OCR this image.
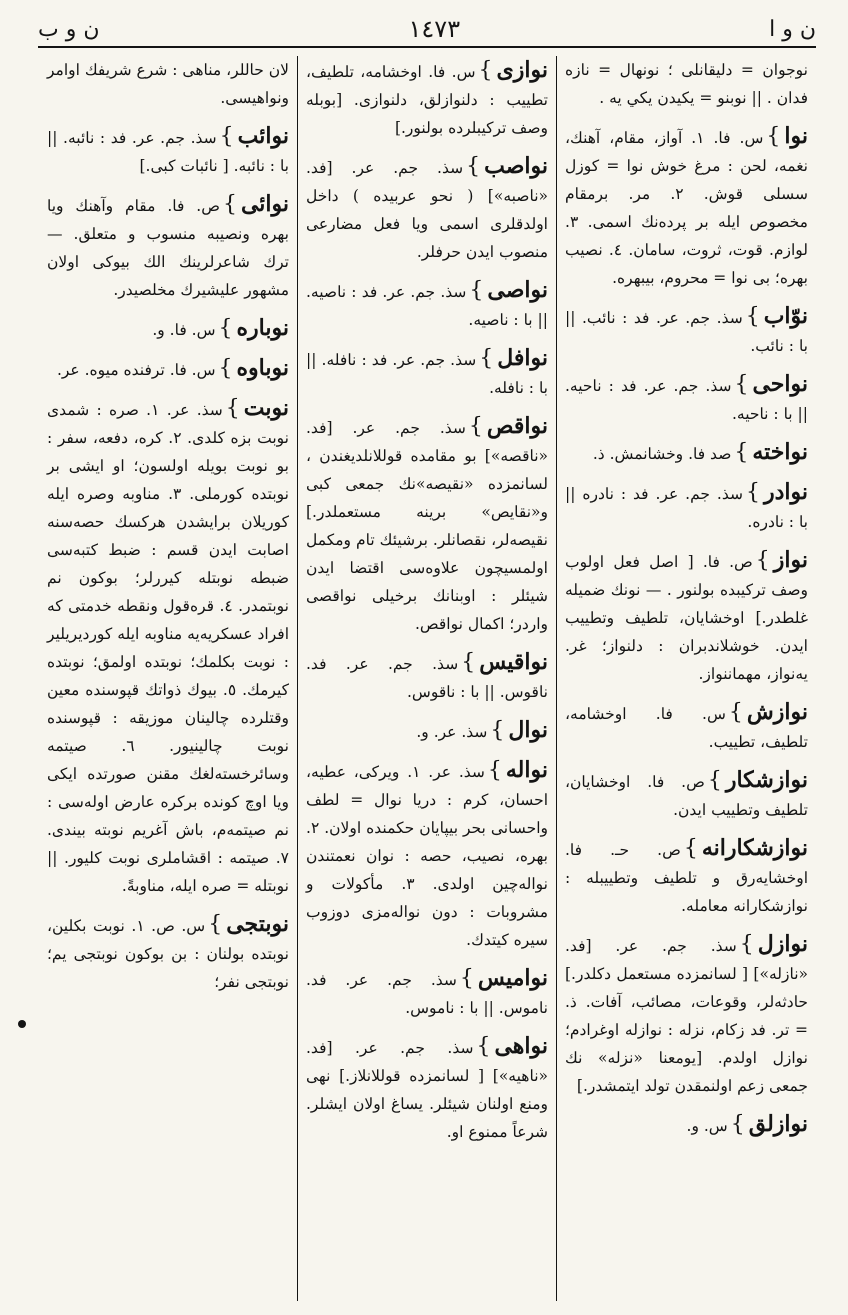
ن و ا
١٤٧٣
ن و ب
نوجوان = دليقانلى ؛ نونهال = نازه فدان . || نوبنو = يكيدن يكي يه .
نوا}س. فا. ١. آواز، مقام، آهنك، نغمه، لحن : مرغ خوش نوا = كوزل سسلى قوش. ٢. مر. برمقام مخصوص ايله بر پرده‌نك اسمى. ٣. لوازم. قوت، ثروت، سامان. ٤. نصيب بهره؛ بى نوا = محروم، بيبهره.
نوّاب}سذ. جم. عر. فد : نائب. || با : نائب.
نواحى}سذ. جم. عر. فد : ناحيه. || با : ناحيه.
نواخته}صد فا. وخشانمش. ذ.
نوادر}سذ. جم. عر. فد : نادره || با : نادره.
نواز}ص. فا. [ اصل فعل اولوب وصف تركيبده بولنور . — نونك ضميله غلطدر.] اوخشايان، تلطيف وتطييب ايدن. خوشلاندبران : دلنواز؛ غر. يه‌نواز، مهماننواز.
نوازش}س. فا. اوخشامه، تلطيف، تطييب.
نوازشكار}ص. فا. اوخشايان، تلطيف وتطييب ايدن.
نوازشكارانه}ص. حـ. فا. اوخشايه‌رق و تلطيف وتطييبله : نوازشكارانه معامله.
نوازل}سذ. جم. عر. [فد. «نازله»] [ لسانمزده مستعمل دكلدر.] حادثه‌لر، وقوعات، مصائب، آفات. ذ. = تر. فد زكام، نزله : نوازله اوغرادم؛ نوازل اولدم. [يومعنا «نزله» نك جمعى زعم اولنمقدن تولد ايتمشدر.]
نوازلق}س. و.
نوازى}س. فا. اوخشامه، تلطيف، تطييب : دلنوازلق، دلنوازى. [بوبله وصف تركيبلرده بولنور.]
نواصب}سذ. جم. عر. [فد. «ناصبه»] ( نحو عربيده ) داخل اولدقلرى اسمى ويا فعل مضارعى منصوب ايدن حرفلر.
نواصى}سذ. جم. عر. فد : ناصيه. || با : ناصيه.
نوافل}سذ. جم. عر. فد : نافله. || با : نافله.
نواقص}سذ. جم. عر. [فد. «ناقصه»] بو مقامده قوللانلديغندن ، لسانمزده «نقيصه»نك جمعى كبى و«نقايص» برينه مستعملدر.] نقيصه‌لر، نقصانلر. برشيئك تام ومكمل اولمسيچون علاوه‌سى اقتضا ايدن شيئلر : اوبنانك برخيلى نواقصى واردر؛ اكمال نواقص.
نواقيس}سذ. جم. عر. فد. ناقوس. || با : ناقوس.
نوال}سذ. عر. و.
نواله}سذ. عر. ١. ويركى، عطيه، احسان، كرم : دريا نوال = لطف واحسانى بحر بيپايان حكمنده اولان. ٢. بهره، نصيب، حصه : نوان نعمتندن نواله‌چين اولدى. ٣. مأكولات و مشروبات : دون نواله‌مزى دوزوب سيره كيتدك.
نواميس}سذ. جم. عر. فد. ناموس. || با : ناموس.
نواهى}سذ. جم. عر. [فد. «ناهيه»] [ لسانمزده قوللانلاز.] نهى ومنع اولنان شيئلر. يساغ اولان ايشلر. شرعاً ممنوع او.
لان حاللر، مناهى : شرع شريفك اوامر ونواهيسى.
نوائب}سذ. جم. عر. فد : نائبه. || با : نائبه. [ نائبات كبى.]
نوائى}ص. فا. مقام وآهنك ويا بهره ونصيبه منسوب و متعلق. — ترك شاعرلرينك الك بيوكى اولان مشهور عليشيرك مخلصيدر.
نوباره}س. فا. و.
نوباوه}س. فا. ترفنده ميوه. عر.
نوبت}سذ. عر. ١. صره : شمدى نوبت بزه كلدى. ٢. كره، دفعه، سفر : بو نوبت بويله اولسون؛ او ايشى بر نوبتده كورملى. ٣. مناوبه وصره ايله كوريلان برايشدن هركسك حصه‌سنه اصابت ايدن قسم : ضبط كتبه‌سى ضبطه نوبتله كيررلر؛ بوكون نم نوبتمدر. ٤. قره‌قول ونقطه خدمتى كه افراد عسكريه‌يه مناوبه ايله كورديريلير : نوبت بكلمك؛ نوبتده اولمق؛ نوبتده كيرمك. ٥. بيوك ذواتك قپوسنده معين وقتلرده چالينان موزيقه : قپوسنده نوبت چالينيور. ٦. صيتمه وسائرخسته‌لغك مقنن صورتده ايكى ويا اوچ كونده بركره عارض اوله‌سى : نم صيتمه‌م، باش آغريم نوبته بيندى. ٧. صيتمه : اقشاملرى نوبت كليور. || نوبتله = صره ايله، مناوبةً.
نوبتجى}س. ص. ١. نوبت بكلين، نوبتده بولنان : بن بوكون نوبتجى يم؛ نوبتجى نفر؛
